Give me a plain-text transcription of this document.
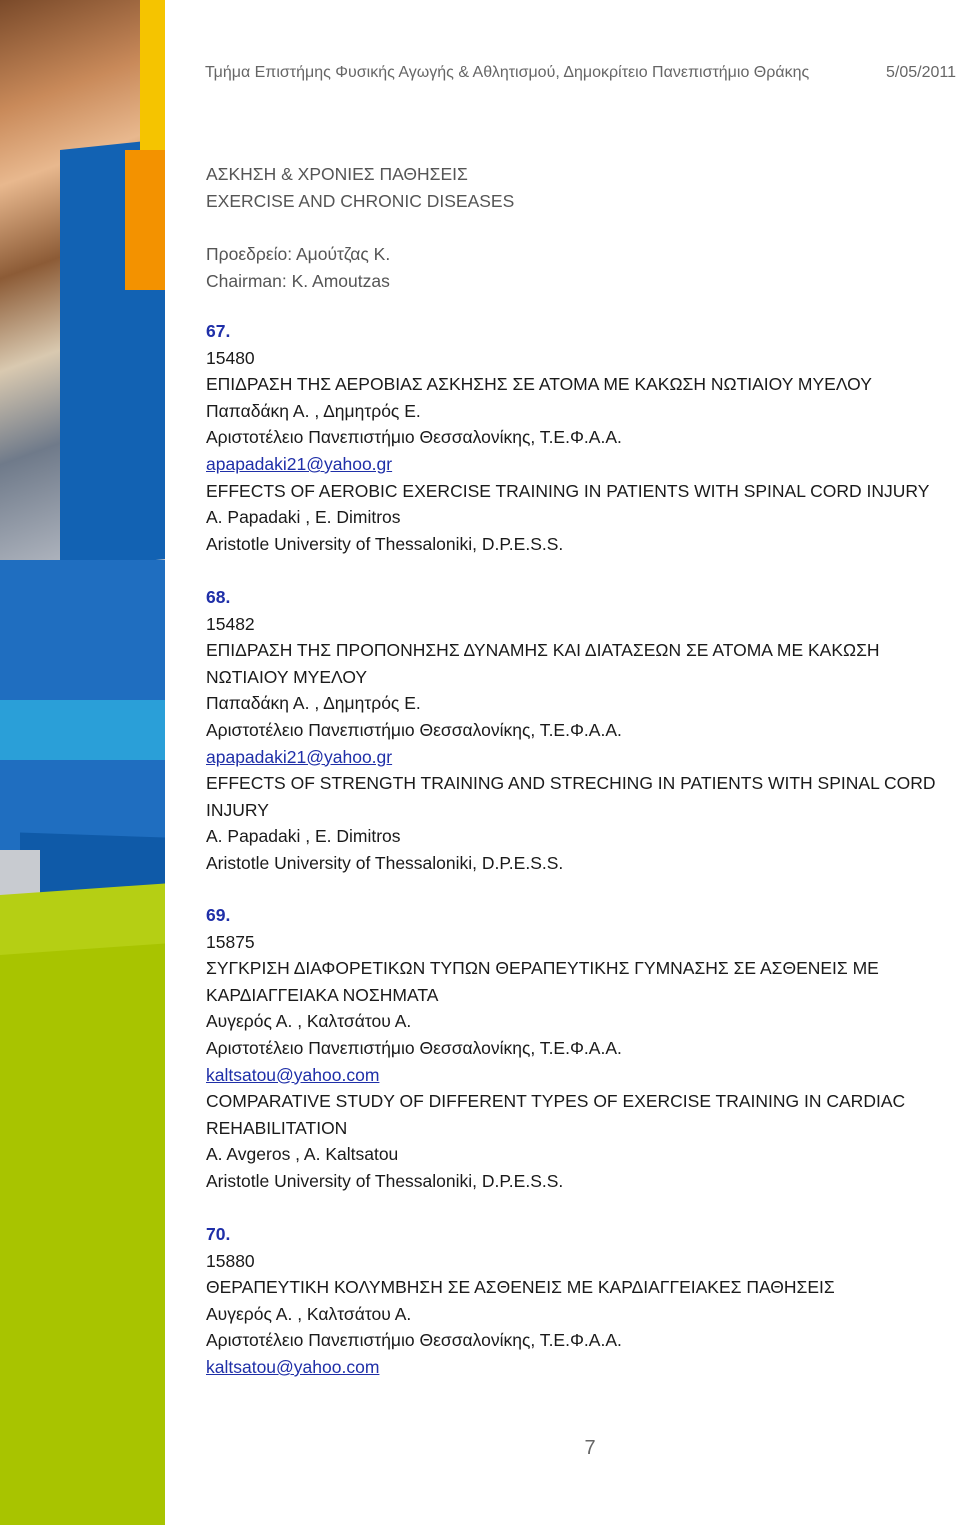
Τμήμα Επιστήμης Φυσικής Αγωγής & Αθλητισμού, Δημοκρίτειο Πανεπιστήμιο Θράκης	5/05/2011
ΑΣΚΗΣΗ & ΧΡΟΝΙΕΣ ΠΑΘΗΣΕΙΣ
EXERCISE AND CHRONIC DISEASES
Προεδρείο: Αμούτζας Κ.
Chairman: K. Amoutzas
67.
15480
ΕΠΙΔΡΑΣΗ ΤΗΣ ΑΕΡΟΒΙΑΣ ΑΣΚΗΣΗΣ ΣΕ ΑΤΟΜΑ ΜΕ ΚΑΚΩΣΗ ΝΩΤΙΑΙΟΥ ΜΥΕΛΟΥ
Παπαδάκη Α. , Δημητρός Ε.
Αριστοτέλειο Πανεπιστήμιο Θεσσαλονίκης, Τ.Ε.Φ.Α.Α.
apapadaki21@yahoo.gr
EFFECTS OF AEROBIC EXERCISE TRAINING IN PATIENTS WITH SPINAL CORD INJURY
A. Papadaki , E. Dimitros
Aristotle University of Thessaloniki, D.P.E.S.S.
68.
15482
ΕΠΙΔΡΑΣΗ ΤΗΣ ΠΡΟΠΟΝΗΣΗΣ ΔΥΝΑΜΗΣ ΚΑΙ ΔΙΑΤΑΣΕΩΝ ΣΕ ΑΤΟΜΑ ΜΕ ΚΑΚΩΣΗ ΝΩΤΙΑΙΟΥ ΜΥΕΛΟΥ
Παπαδάκη Α. , Δημητρός Ε.
Αριστοτέλειο Πανεπιστήμιο Θεσσαλονίκης, Τ.Ε.Φ.Α.Α.
apapadaki21@yahoo.gr
EFFECTS OF STRENGTH TRAINING AND STRECHING IN PATIENTS WITH SPINAL CORD INJURY
A. Papadaki , E. Dimitros
Aristotle University of Thessaloniki, D.P.E.S.S.
69.
15875
ΣΥΓΚΡΙΣΗ ΔΙΑΦΟΡΕΤΙΚΩΝ ΤΥΠΩΝ ΘΕΡΑΠΕΥΤΙΚΗΣ ΓΥΜΝΑΣΗΣ ΣΕ ΑΣΘΕΝΕΙΣ ΜΕ ΚΑΡΔΙΑΓΓΕΙΑΚΑ ΝΟΣΗΜΑΤΑ
Αυγερός Α. , Καλτσάτου Α.
Αριστοτέλειο Πανεπιστήμιο Θεσσαλονίκης, Τ.Ε.Φ.Α.Α.
kaltsatou@yahoo.com
COMPARATIVE STUDY OF DIFFERENT TYPES OF EXERCISE TRAINING IN CARDIAC REHABILITATION
A. Avgeros , A. Kaltsatou
Aristotle University of Thessaloniki, D.P.E.S.S.
70.
15880
ΘΕΡΑΠΕΥΤΙΚΗ ΚΟΛΥΜΒΗΣΗ ΣΕ ΑΣΘΕΝΕΙΣ ΜΕ ΚΑΡΔΙΑΓΓΕΙΑΚΕΣ ΠΑΘΗΣΕΙΣ
Αυγερός Α. , Καλτσάτου Α.
Αριστοτέλειο Πανεπιστήμιο Θεσσαλονίκης, Τ.Ε.Φ.Α.Α.
kaltsatou@yahoo.com
7
